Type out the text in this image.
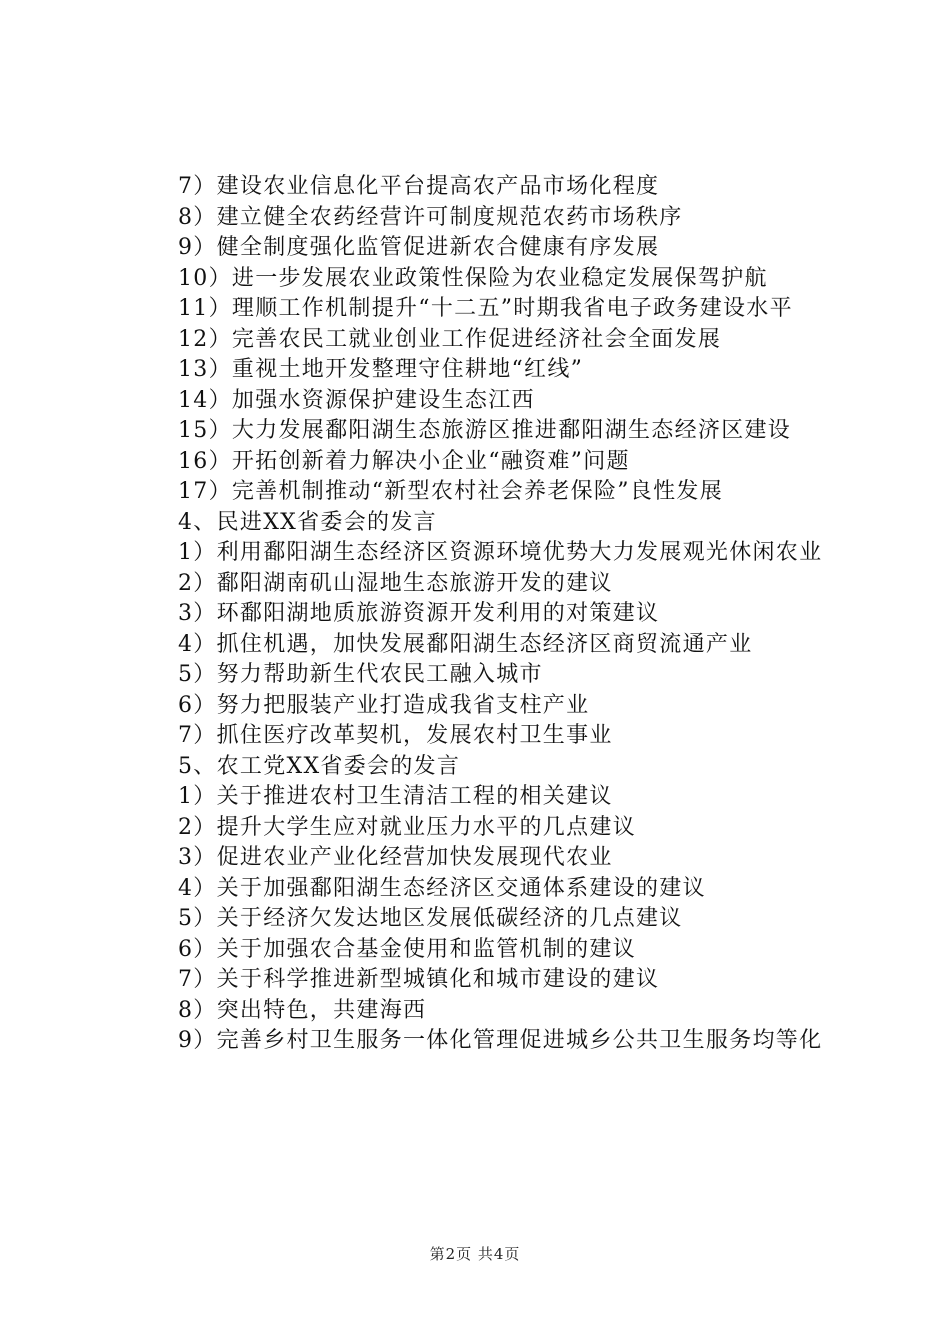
7）建设农业信息化平台提高农产品市场化程度

8）建立健全农药经营许可制度规范农药市场秩序

9）健全制度强化监管促进新农合健康有序发展

10）进一步发展农业政策性保险为农业稳定发展保驾护航

11）理顺工作机制提升“十二五”时期我省电子政务建设水平

12）完善农民工就业创业工作促进经济社会全面发展

13）重视土地开发整理守住耕地“红线”

14）加强水资源保护建设生态江西

15）大力发展鄱阳湖生态旅游区推进鄱阳湖生态经济区建设

16）开拓创新着力解决小企业“融资难”问题

17）完善机制推动“新型农村社会养老保险”良性发展

4、民进XX省委会的发言

1）利用鄱阳湖生态经济区资源环境优势大力发展观光休闲农业

2）鄱阳湖南矶山湿地生态旅游开发的建议

3）环鄱阳湖地质旅游资源开发利用的对策建议

4）抓住机遇，加快发展鄱阳湖生态经济区商贸流通产业

5）努力帮助新生代农民工融入城市

6）努力把服装产业打造成我省支柱产业

7）抓住医疗改革契机，发展农村卫生事业

5、农工党XX省委会的发言

1）关于推进农村卫生清洁工程的相关建议

2）提升大学生应对就业压力水平的几点建议

3）促进农业产业化经营加快发展现代农业

4）关于加强鄱阳湖生态经济区交通体系建设的建议

5）关于经济欠发达地区发展低碳经济的几点建议

6）关于加强农合基金使用和监管机制的建议

7）关于科学推进新型城镇化和城市建设的建议

8）突出特色，共建海西

9）完善乡村卫生服务一体化管理促进城乡公共卫生服务均等化

第2页 共4页
